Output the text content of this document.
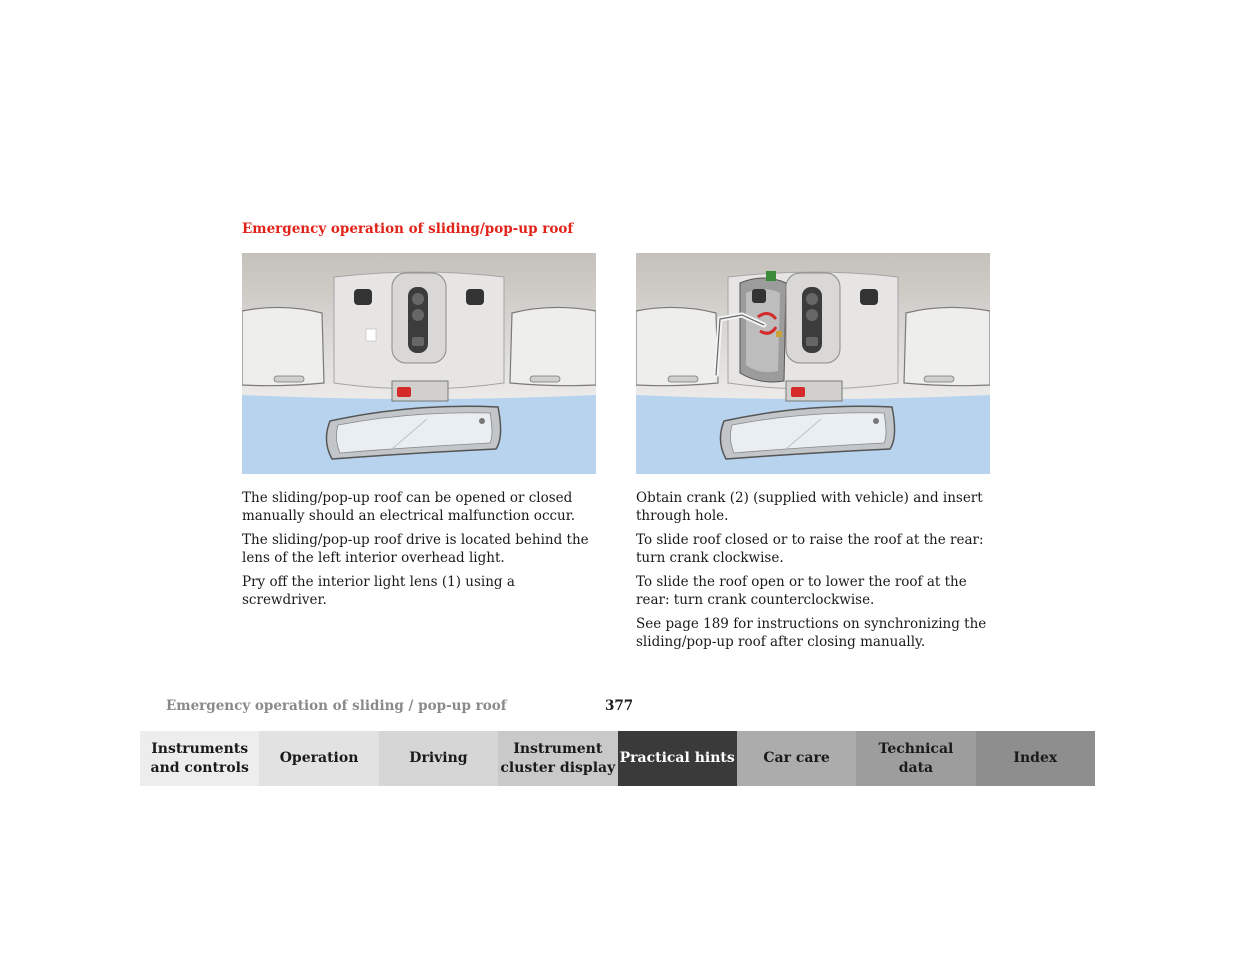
Emergency operation of sliding/pop-up roof

The sliding/pop-up roof can be opened or closed manually should an electrical malfunction occur.

The sliding/pop-up roof drive is located behind the lens of the left interior overhead light.

Pry off the interior light lens (1) using a screwdriver.

Obtain crank (2) (supplied with vehicle) and insert through hole.

To slide roof closed or to raise the roof at the rear: turn crank clockwise.

To slide the roof open or to lower the roof at the rear: turn crank counterclockwise.

See page 189 for instructions on synchronizing the sliding/pop-up roof after closing manually.

Emergency operation of sliding / pop-up roof	377
Instruments
and controls
Operation	Driving
Instrument
cluster display
Practical hints	Car care
Technical
data
Index
